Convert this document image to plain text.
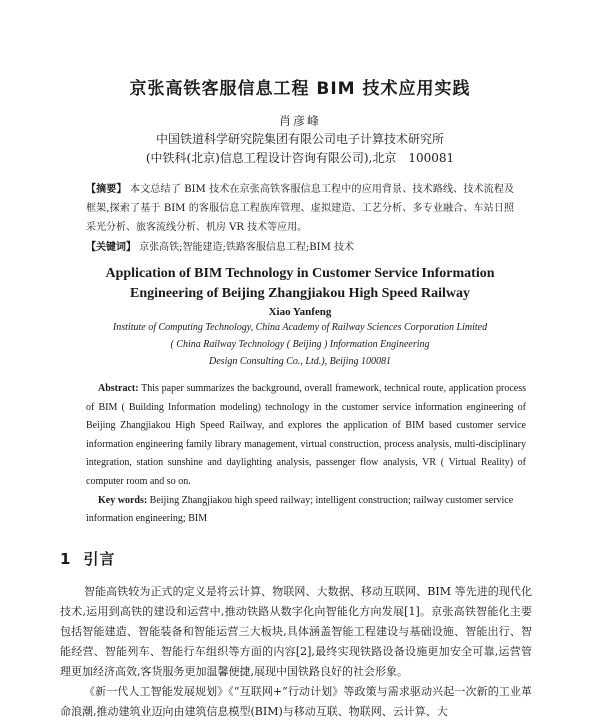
京张高铁客服信息工程 BIM 技术应用实践
肖彦峰
中国铁道科学研究院集团有限公司电子计算技术研究所
(中铁科(北京)信息工程设计咨询有限公司),北京　100081
【摘要】 本文总结了 BIM 技术在京张高铁客服信息工程中的应用背景、技术路线、技术流程及框架,探索了基于 BIM 的客服信息工程族库管理、虚拟建造、工艺分析、多专业融合、车站日照采光分析、旅客流线分析、机房 VR 技术等应用。
【关键词】 京张高铁;智能建造;铁路客服信息工程;BIM 技术
Application of BIM Technology in Customer Service Information
Engineering of Beijing Zhangjiakou High Speed Railway
Xiao Yanfeng
Institute of Computing Technology, China Academy of Railway Sciences Corporation Limited
( China Railway Technology ( Beijing ) Information Engineering
Design Consulting Co., Ltd.), Beijing 100081
Abstract: This paper summarizes the background, overall framework, technical route, application process of BIM ( Building Information modeling) technology in the customer service information engineering of Beijing Zhangjiakou High Speed Railway, and explores the application of BIM based customer service information engineering family library management, virtual construction, process analysis, multi-disciplinary integration, station sunshine and daylighting analysis, passenger flow analysis, VR ( Virtual Reality) of computer room and so on.
Key words: Beijing Zhangjiakou high speed railway; intelligent construction; railway customer service information engineering; BIM
1 引言
智能高铁较为正式的定义是将云计算、物联网、大数据、移动互联网、BIM 等先进的现代化技术,运用到高铁的建设和运营中,推动铁路从数字化向智能化方向发展[1]。京张高铁智能化主要包括智能建造、智能装备和智能运营三大板块,具体涵盖智能工程建设与基础设施、智能出行、智能经营、智能列车、智能行车组织等方面的内容[2],最终实现铁路设备设施更加安全可靠,运营管理更加经济高效,客货服务更加温馨便捷,展现中国铁路良好的社会形象。
《新一代人工智能发展规划》《“互联网+”行动计划》等政策与需求驱动兴起一次新的工业革命浪潮,推动建筑业迈向由建筑信息模型(BIM)与移动互联、物联网、云计算、大
